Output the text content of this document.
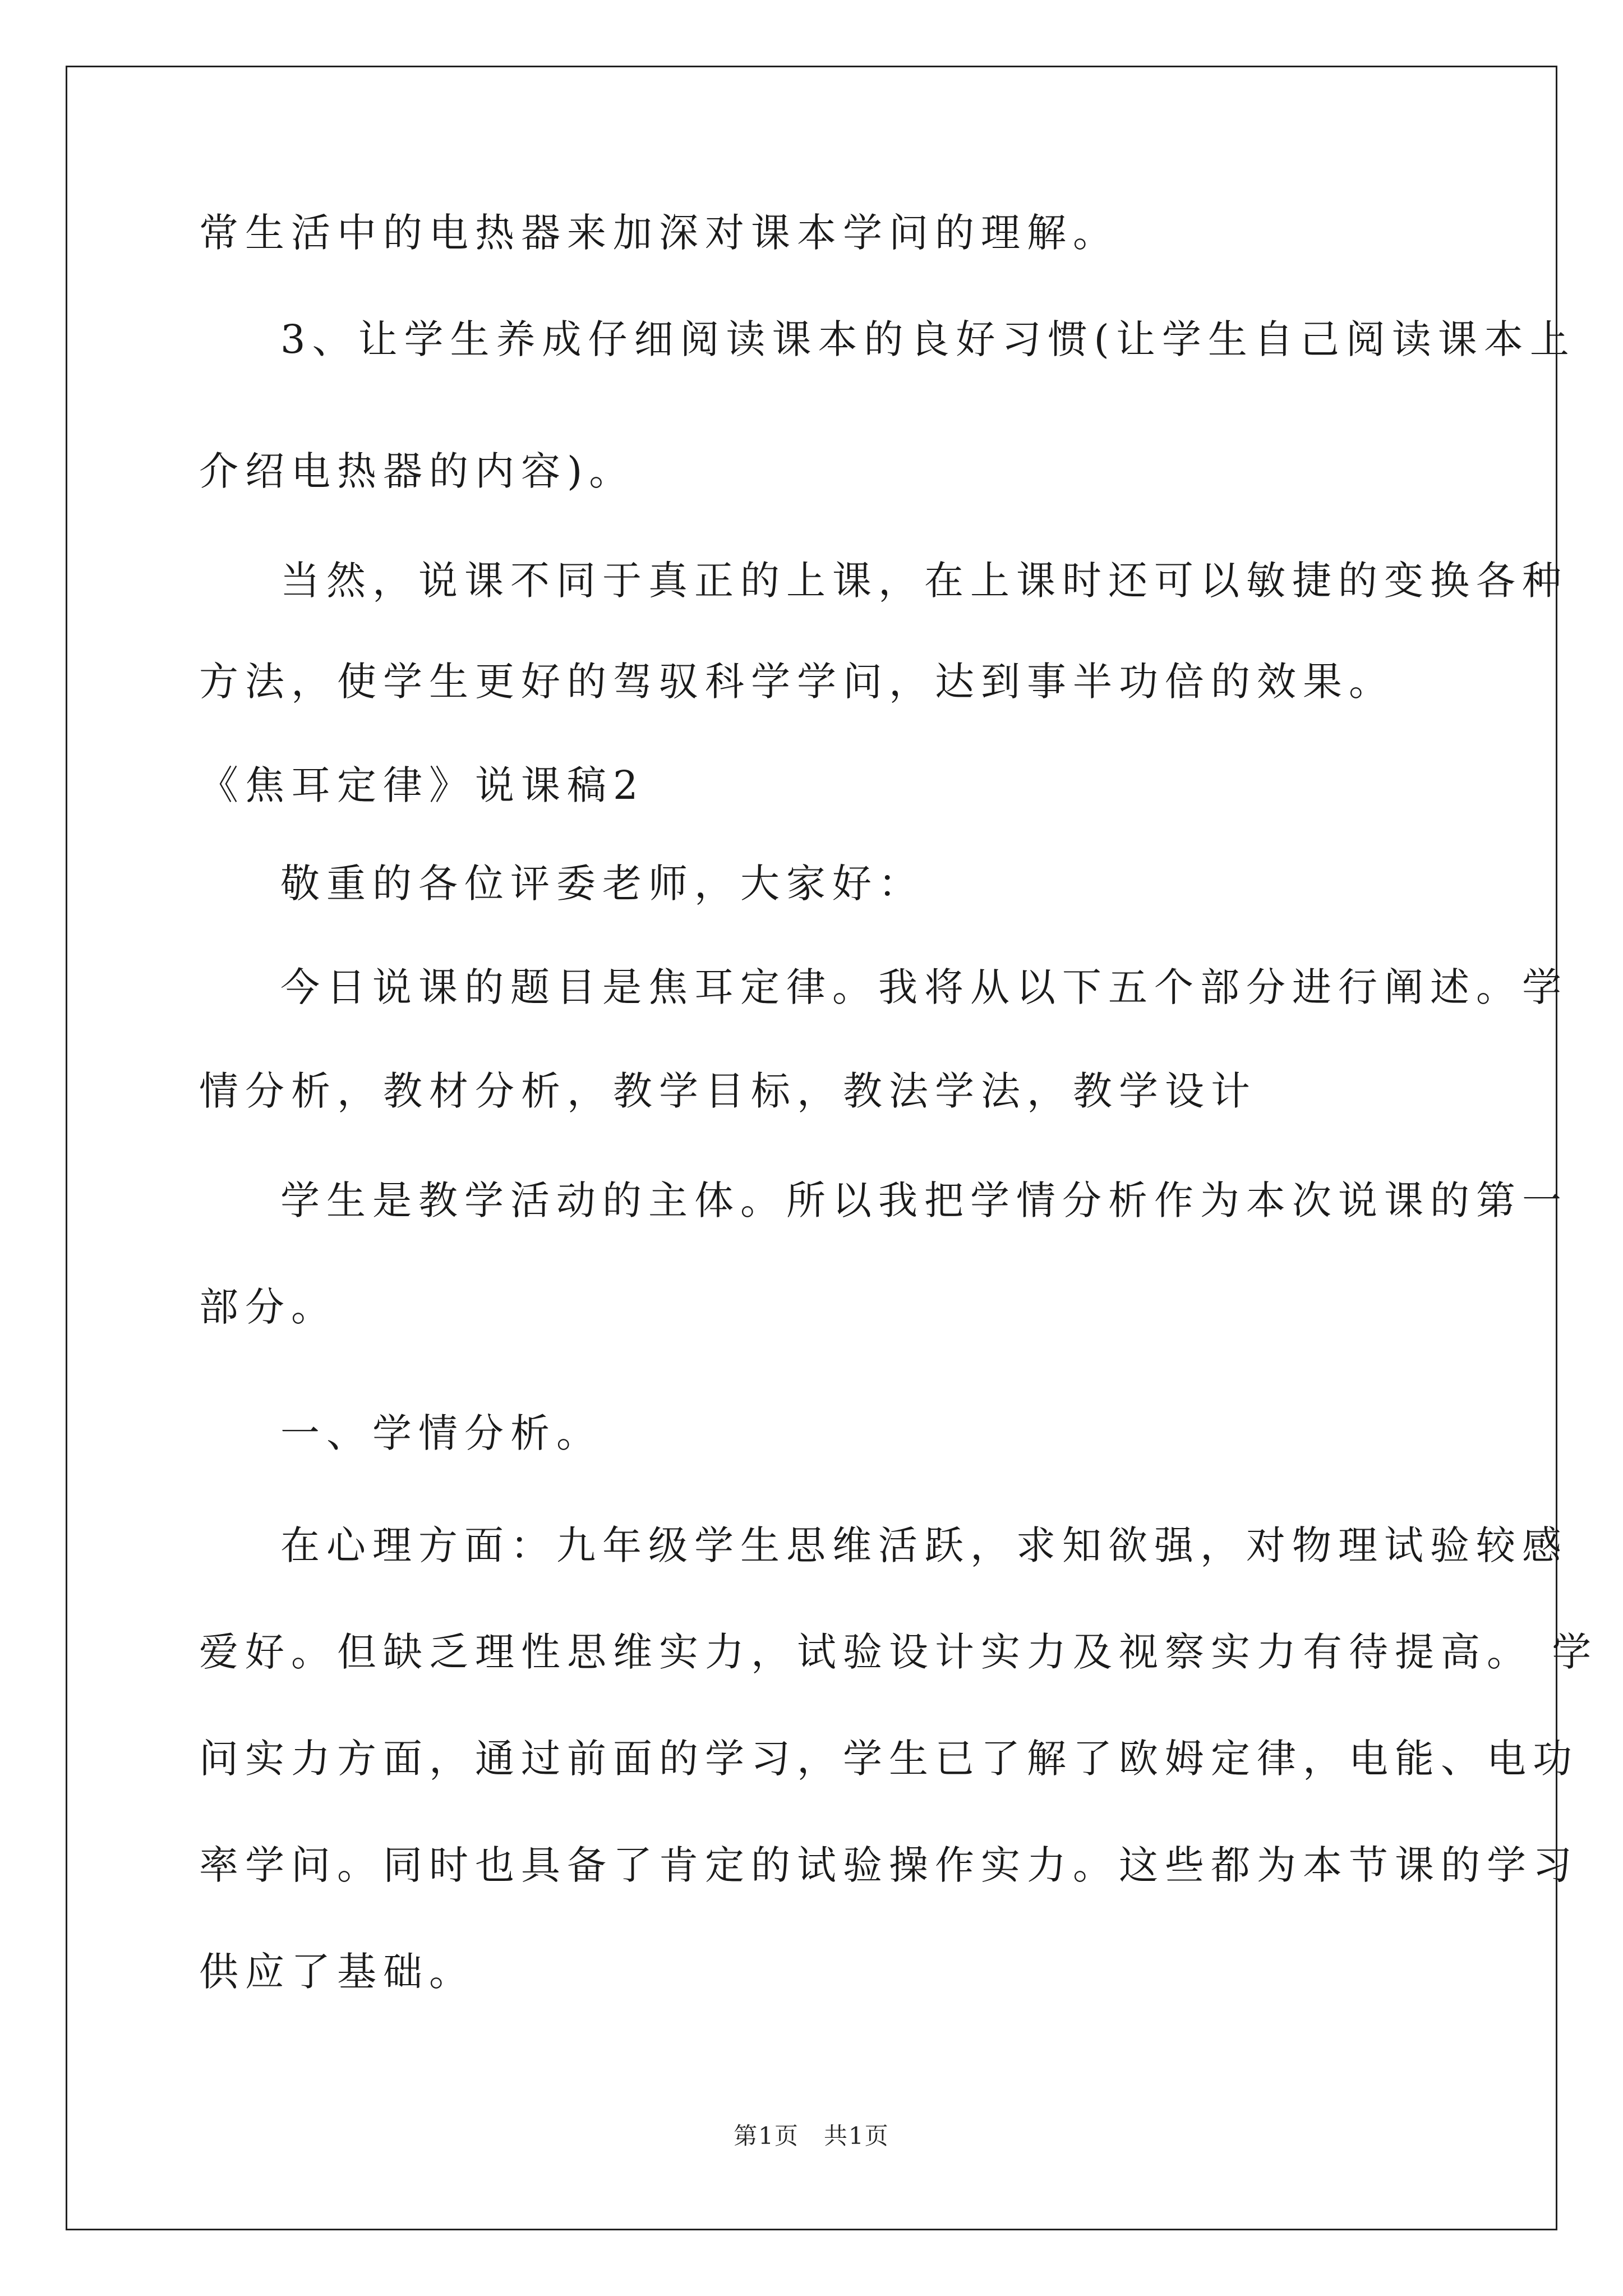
常生活中的电热器来加深对课本学问的理解。
3、让学生养成仔细阅读课本的良好习惯(让学生自己阅读课本上
介绍电热器的内容)。
当然，说课不同于真正的上课，在上课时还可以敏捷的变换各种
方法，使学生更好的驾驭科学学问，达到事半功倍的效果。
《焦耳定律》说课稿2
敬重的各位评委老师，大家好：
今日说课的题目是焦耳定律。我将从以下五个部分进行阐述。学
情分析，教材分析，教学目标，教法学法，教学设计
学生是教学活动的主体。所以我把学情分析作为本次说课的第一
部分。
一、学情分析。
在心理方面：九年级学生思维活跃，求知欲强，对物理试验较感
爱好。但缺乏理性思维实力，试验设计实力及视察实力有待提高。 学
问实力方面，通过前面的学习，学生已了解了欧姆定律，电能、电功
率学问。同时也具备了肯定的试验操作实力。这些都为本节课的学习
供应了基础。
第1页　共1页
